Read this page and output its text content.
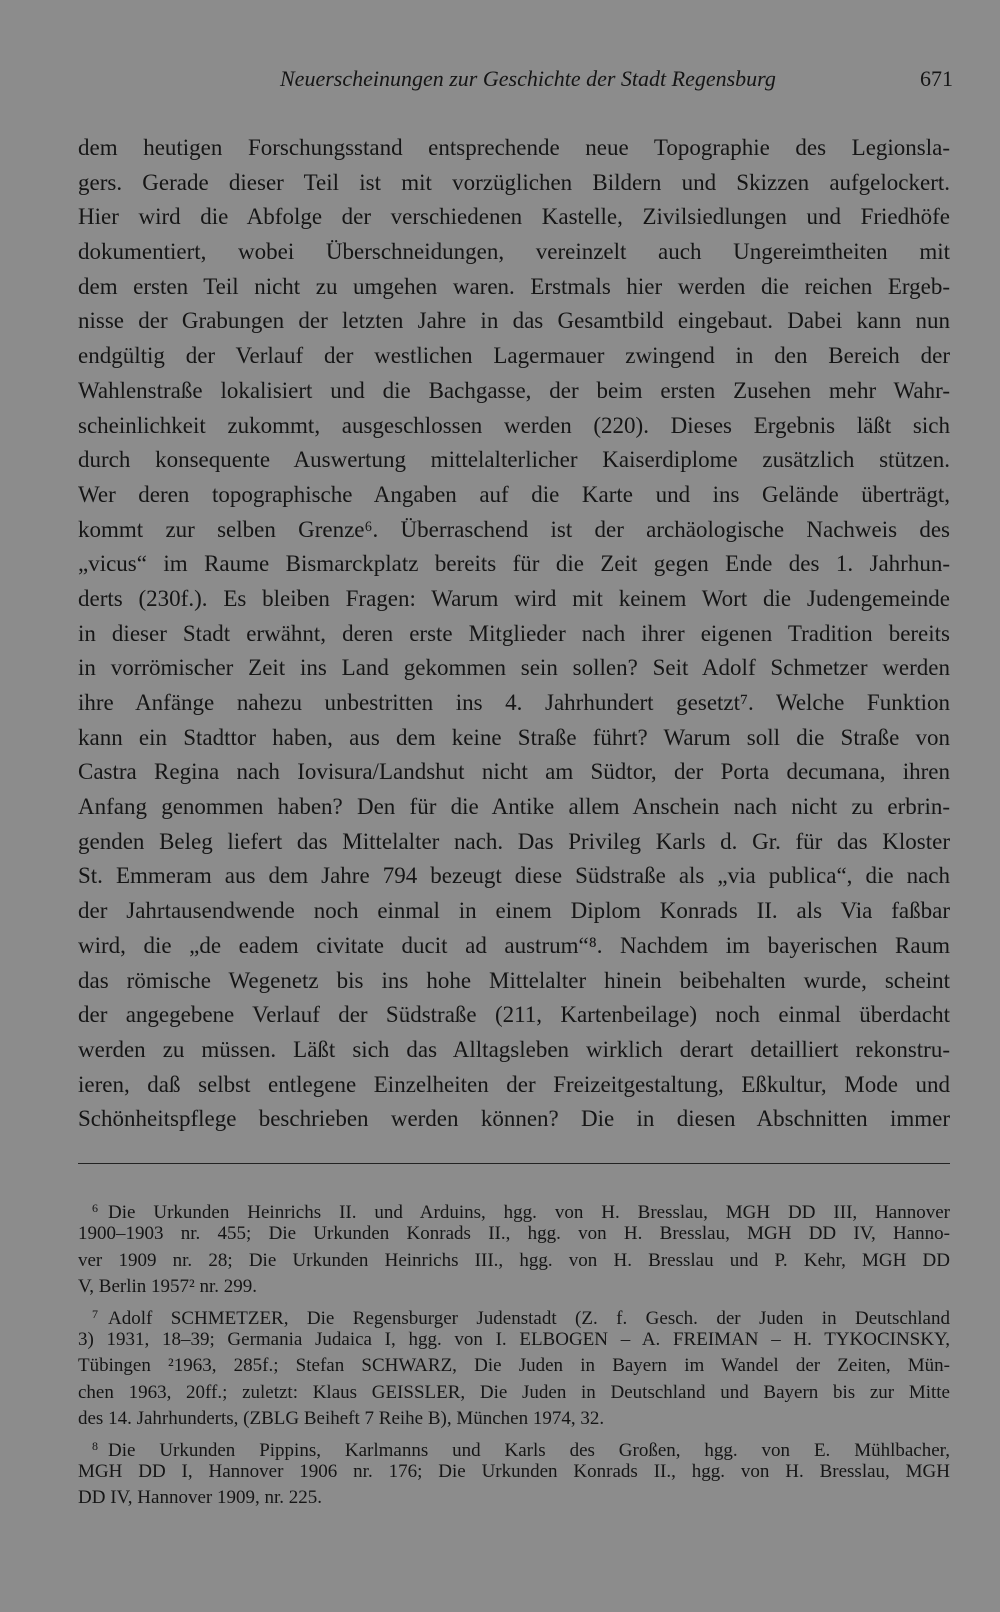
Neuerscheinungen zur Geschichte der Stadt Regensburg	671
dem heutigen Forschungsstand entsprechende neue Topographie des Legionsla-
gers. Gerade dieser Teil ist mit vorzüglichen Bildern und Skizzen aufgelockert.
Hier wird die Abfolge der verschiedenen Kastelle, Zivilsiedlungen und Friedhöfe
dokumentiert, wobei Überschneidungen, vereinzelt auch Ungereimtheiten mit
dem ersten Teil nicht zu umgehen waren. Erstmals hier werden die reichen Ergeb-
nisse der Grabungen der letzten Jahre in das Gesamtbild eingebaut. Dabei kann nun
endgültig der Verlauf der westlichen Lagermauer zwingend in den Bereich der
Wahlenstraße lokalisiert und die Bachgasse, der beim ersten Zusehen mehr Wahr-
scheinlichkeit zukommt, ausgeschlossen werden (220). Dieses Ergebnis läßt sich
durch konsequente Auswertung mittelalterlicher Kaiserdiplome zusätzlich stützen.
Wer deren topographische Angaben auf die Karte und ins Gelände überträgt,
kommt zur selben Grenze⁶. Überraschend ist der archäologische Nachweis des
„vicus“ im Raume Bismarckplatz bereits für die Zeit gegen Ende des 1. Jahrhun-
derts (230f.). Es bleiben Fragen: Warum wird mit keinem Wort die Judengemeinde
in dieser Stadt erwähnt, deren erste Mitglieder nach ihrer eigenen Tradition bereits
in vorrömischer Zeit ins Land gekommen sein sollen? Seit Adolf Schmetzer werden
ihre Anfänge nahezu unbestritten ins 4. Jahrhundert gesetzt⁷. Welche Funktion
kann ein Stadttor haben, aus dem keine Straße führt? Warum soll die Straße von
Castra Regina nach Iovisura/Landshut nicht am Südtor, der Porta decumana, ihren
Anfang genommen haben? Den für die Antike allem Anschein nach nicht zu erbrin-
genden Beleg liefert das Mittelalter nach. Das Privileg Karls d. Gr. für das Kloster
St. Emmeram aus dem Jahre 794 bezeugt diese Südstraße als „via publica“, die nach
der Jahrtausendwende noch einmal in einem Diplom Konrads II. als Via faßbar
wird, die „de eadem civitate ducit ad austrum“⁸. Nachdem im bayerischen Raum
das römische Wegenetz bis ins hohe Mittelalter hinein beibehalten wurde, scheint
der angegebene Verlauf der Südstraße (211, Kartenbeilage) noch einmal überdacht
werden zu müssen. Läßt sich das Alltagsleben wirklich derart detailliert rekonstru-
ieren, daß selbst entlegene Einzelheiten der Freizeitgestaltung, Eßkultur, Mode und
Schönheitspflege beschrieben werden können? Die in diesen Abschnitten immer
$^6$ Die Urkunden Heinrichs II. und Arduins, hgg. von H. Bresslau, MGH DD III, Hannover
1900–1903 nr. 455; Die Urkunden Konrads II., hgg. von H. Bresslau, MGH DD IV, Hanno-
ver 1909 nr. 28; Die Urkunden Heinrichs III., hgg. von H. Bresslau und P. Kehr, MGH DD
V, Berlin 1957² nr. 299.
$^7$ Adolf SCHMETZER, Die Regensburger Judenstadt (Z. f. Gesch. der Juden in Deutschland
3) 1931, 18–39; Germania Judaica I, hgg. von I. ELBOGEN – A. FREIMAN – H. TYKOCINSKY,
Tübingen ²1963, 285f.; Stefan SCHWARZ, Die Juden in Bayern im Wandel der Zeiten, Mün-
chen 1963, 20ff.; zuletzt: Klaus GEISSLER, Die Juden in Deutschland und Bayern bis zur Mitte
des 14. Jahrhunderts, (ZBLG Beiheft 7 Reihe B), München 1974, 32.
$^8$ Die Urkunden Pippins, Karlmanns und Karls des Großen, hgg. von E. Mühlbacher,
MGH DD I, Hannover 1906 nr. 176; Die Urkunden Konrads II., hgg. von H. Bresslau, MGH
DD IV, Hannover 1909, nr. 225.
